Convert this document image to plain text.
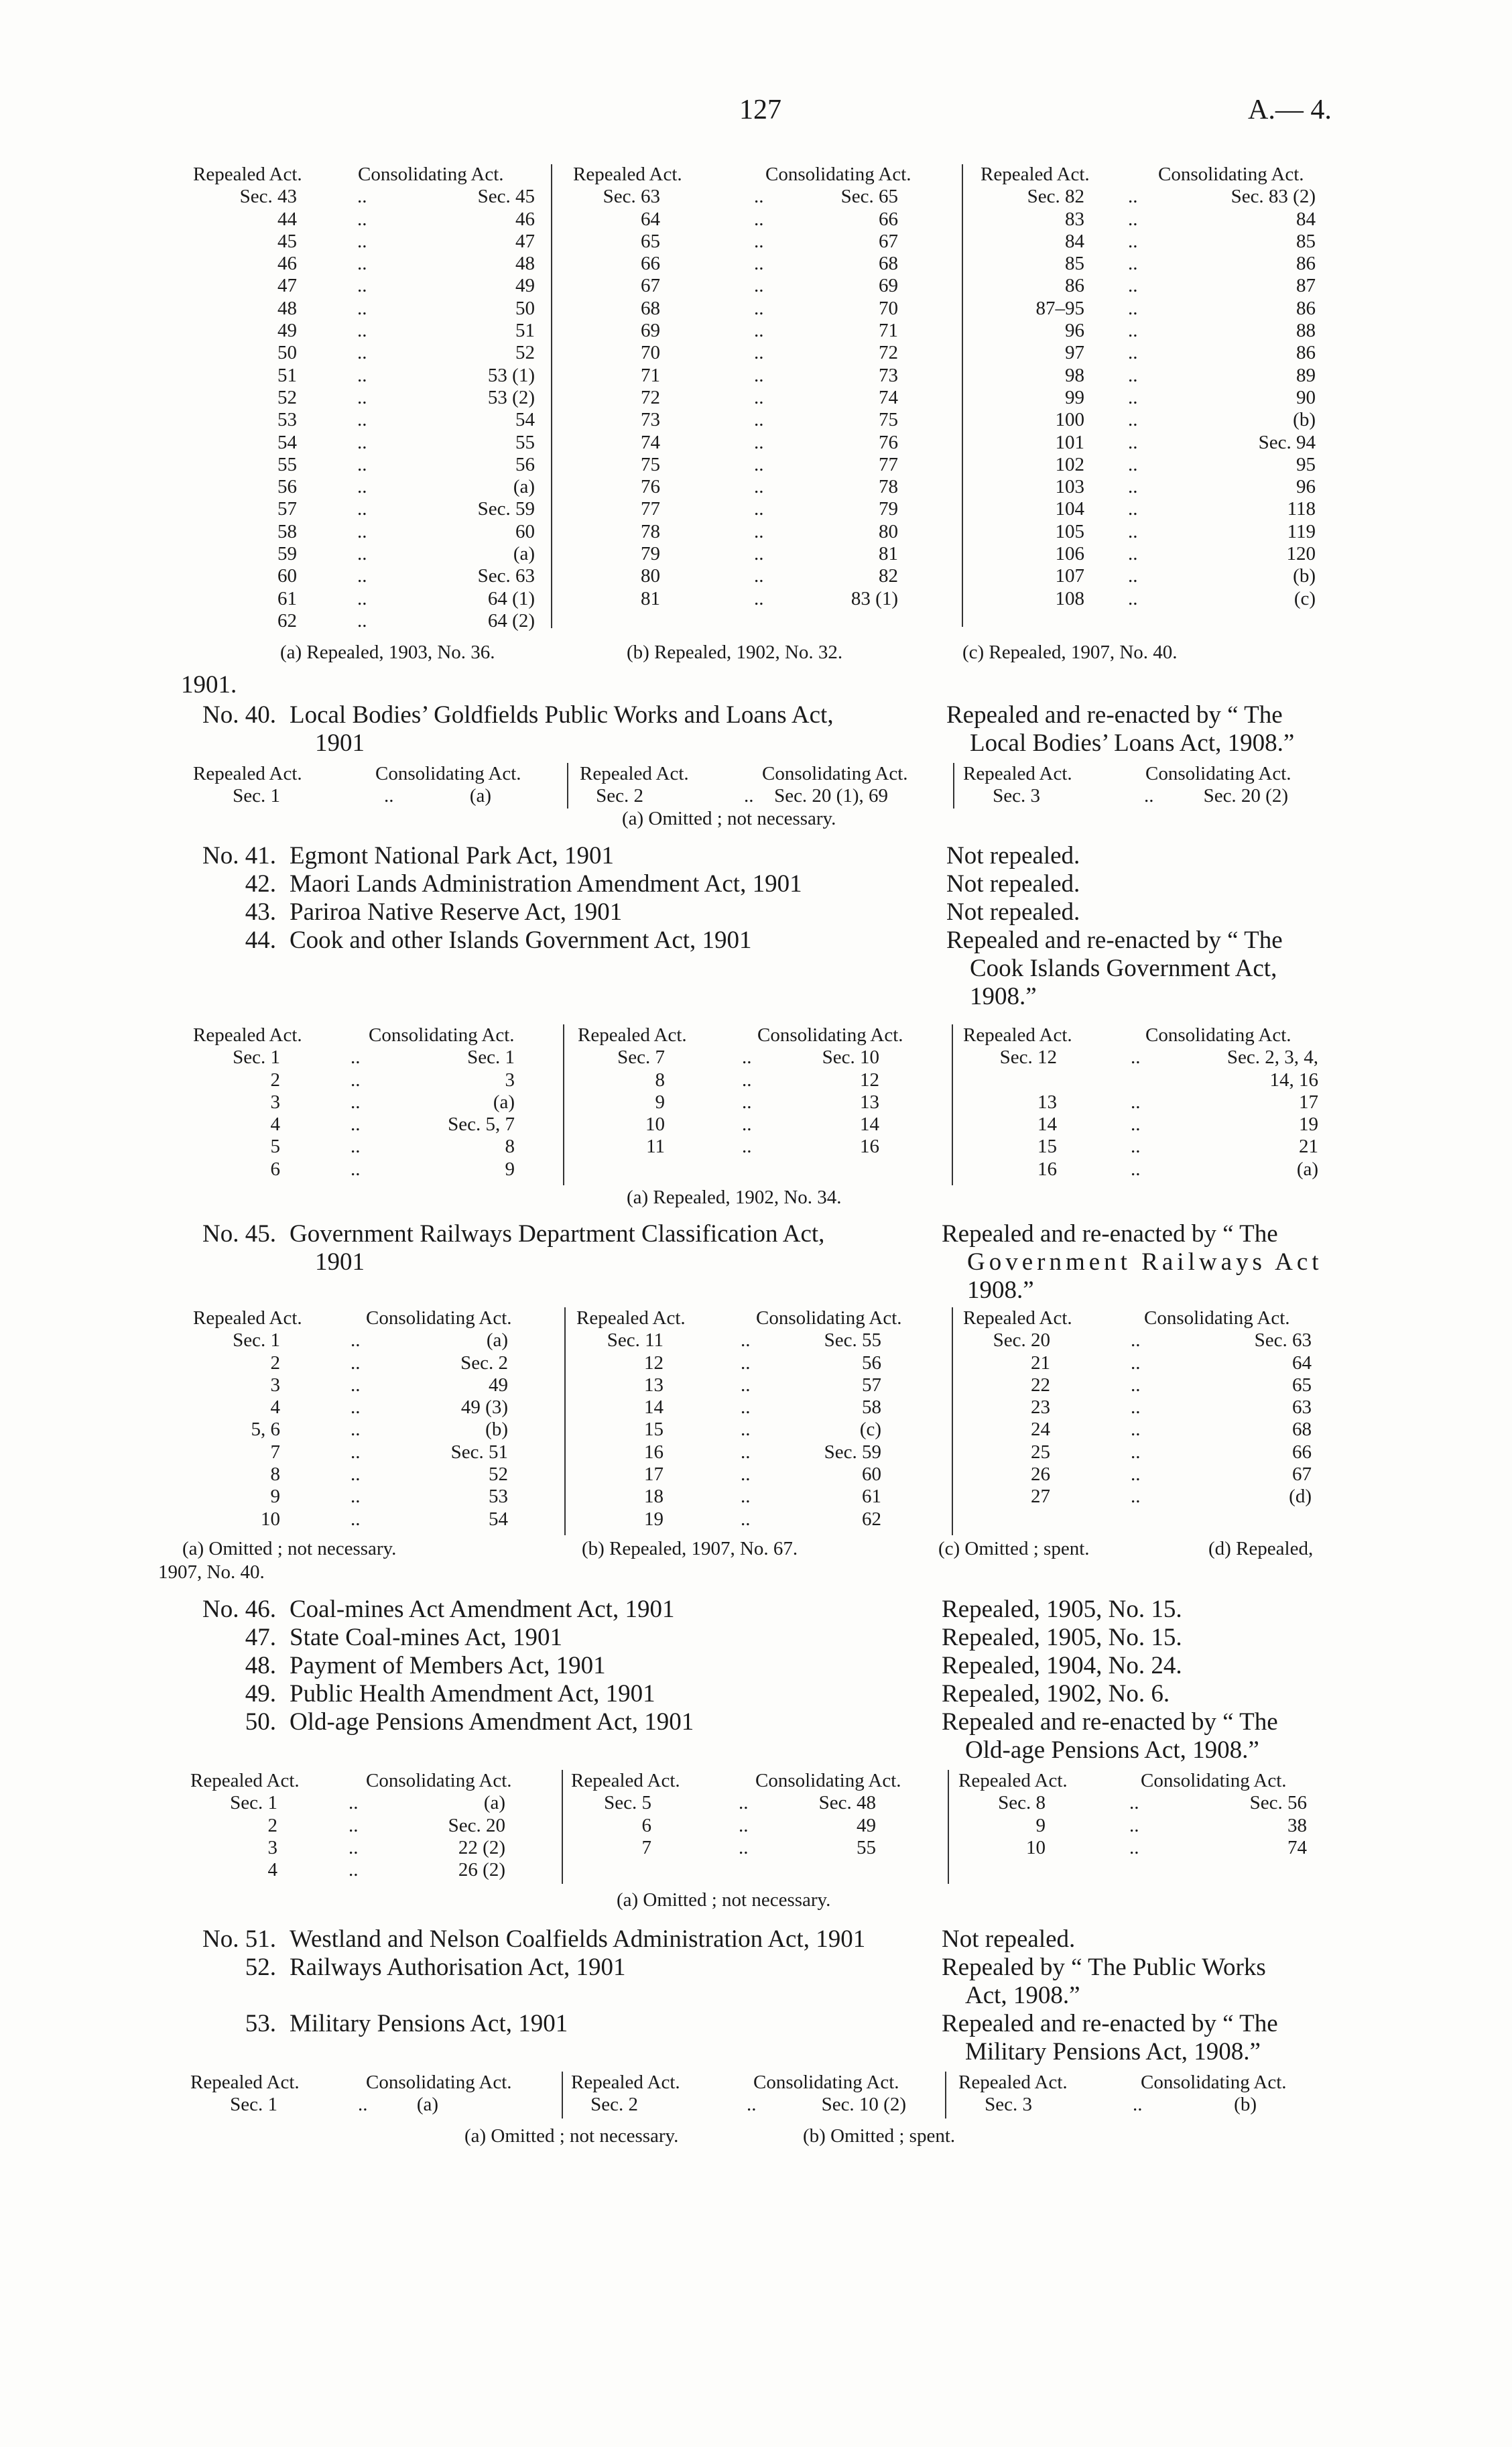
127	A.— 4.
Repealed Act.	Consolidating Act.
Sec. 43	..	Sec. 45
44	..	46
45	..	47
46	..	48
47	..	49
48	..	50
49	..	51
50	..	52
51	..	53 (1)
52	..	53 (2)
53	..	54
54	..	55
55	..	56
56	..	(a)
57	..	Sec. 59
58	..	60
59	..	(a)
60	..	Sec. 63
61	..	64 (1)
62	..	64 (2)
Repealed Act.	Consolidating Act.
Sec. 63	..	Sec. 65
64	..	66
65	..	67
66	..	68
67	..	69
68	..	70
69	..	71
70	..	72
71	..	73
72	..	74
73	..	75
74	..	76
75	..	77
76	..	78
77	..	79
78	..	80
79	..	81
80	..	82
81	..	83 (1)
Repealed Act.	Consolidating Act.
Sec. 82 ..	Sec. 83 (2)
83 ..	84
84 ..	85
85 ..	86
86 ..	87
87–95 ..	86
96 ..	88
97 ..	86
98 ..	89
99 ..	90
100 ..	(b)
101 ..	Sec. 94
102 ..	95
103 ..	96
104 ..	118
105 ..	119
106 ..	120
107 ..	(b)
108 ..	(c)
(a) Repealed, 1903, No. 36.	(b) Repealed, 1902, No. 32.	(c) Repealed, 1907, No. 40.
1901.
No. 40. Local Bodies’ Goldfields Public Works and Loans Act,
1901
Repealed and re-enacted by “ The
Local Bodies’ Loans Act, 1908.”
Repealed Act.	Consolidating Act.
Sec. 1	..	(a)
Repealed Act.	Consolidating Act.
Sec. 2	..	Sec. 20 (1), 69
Repealed Act.	Consolidating Act.
Sec. 3	..	Sec. 20 (2)
(a) Omitted ; not necessary.
No. 41. Egmont National Park Act, 1901	Not repealed.
42. Maori Lands Administration Amendment Act, 1901	Not repealed.
43. Pariroa Native Reserve Act, 1901	Not repealed.
44. Cook and other Islands Government Act, 1901	Repealed and re-enacted by “ The
Cook Islands Government Act,
1908.”
Repealed Act.	Consolidating Act.
Sec. 1	..	Sec. 1
2	..	3
3	..	(a)
4	..	Sec. 5, 7
5	..	8
6	..	9
Repealed Act.	Consolidating Act.
Sec. 7	..	Sec. 10
8	..	12
9	..	13
10	..	14
11	..	16
Repealed Act.	Consolidating Act.
Sec. 12	..	Sec. 2, 3, 4,
14, 16
13	..	17
14	..	19
15	..	21
16	..	(a)
(a) Repealed, 1902, No. 34.
No. 45. Government Railways Department Classification Act,
1901
Repealed and re-enacted by “ The
Government Railways Act
1908.”
Repealed Act.	Consolidating Act.
Sec. 1	..	(a)
2	..	Sec. 2
3	..	49
4	..	49 (3)
5, 6	..	(b)
7	..	Sec. 51
8	..	52
9	..	53
10	..	54
Repealed Act.	Consolidating Act.
Sec. 11	..	Sec. 55
12	..	56
13	..	57
14	..	58
15	..	(c)
16	..	Sec. 59
17	..	60
18	..	61
19	..	62
Repealed Act.	Consolidating Act.
Sec. 20	..	Sec. 63
21	..	64
22	..	65
23	..	63
24	..	68
25	..	66
26	..	67
27	..	(d)
(a) Omitted ; not necessary.	(b) Repealed, 1907, No. 67.	(c) Omitted ; spent.	(d) Repealed,
1907, No. 40.
No. 46. Coal-mines Act Amendment Act, 1901	Repealed, 1905, No. 15.
47. State Coal-mines Act, 1901	Repealed, 1905, No. 15.
48. Payment of Members Act, 1901	Repealed, 1904, No. 24.
49. Public Health Amendment Act, 1901	Repealed, 1902, No. 6.
50. Old-age Pensions Amendment Act, 1901	Repealed and re-enacted by “ The
Old-age Pensions Act, 1908.”
Repealed Act.	Consolidating Act.
Sec. 1	..	(a)
2	..	Sec. 20
3	..	22 (2)
4	..	26 (2)
Repealed Act.	Consolidating Act.
Sec. 5	..	Sec. 48
6	..	49
7	..	55
Repealed Act.	Consolidating Act.
Sec. 8	..	Sec. 56
9	..	38
10	..	74
(a) Omitted ; not necessary.
No. 51. Westland and Nelson Coalfields Administration Act, 1901	Not repealed.
52. Railways Authorisation Act, 1901	Repealed by “ The Public Works
Act, 1908.”
53. Military Pensions Act, 1901	Repealed and re-enacted by “ The
Military Pensions Act, 1908.”
Repealed Act.	Consolidating Act.
Sec. 1	..	(a)
Repealed Act.	Consolidating Act.
Sec. 2	..	Sec. 10 (2)
Repealed Act.	Consolidating Act.
Sec. 3	..	(b)
(a) Omitted ; not necessary.	(b) Omitted ; spent.
